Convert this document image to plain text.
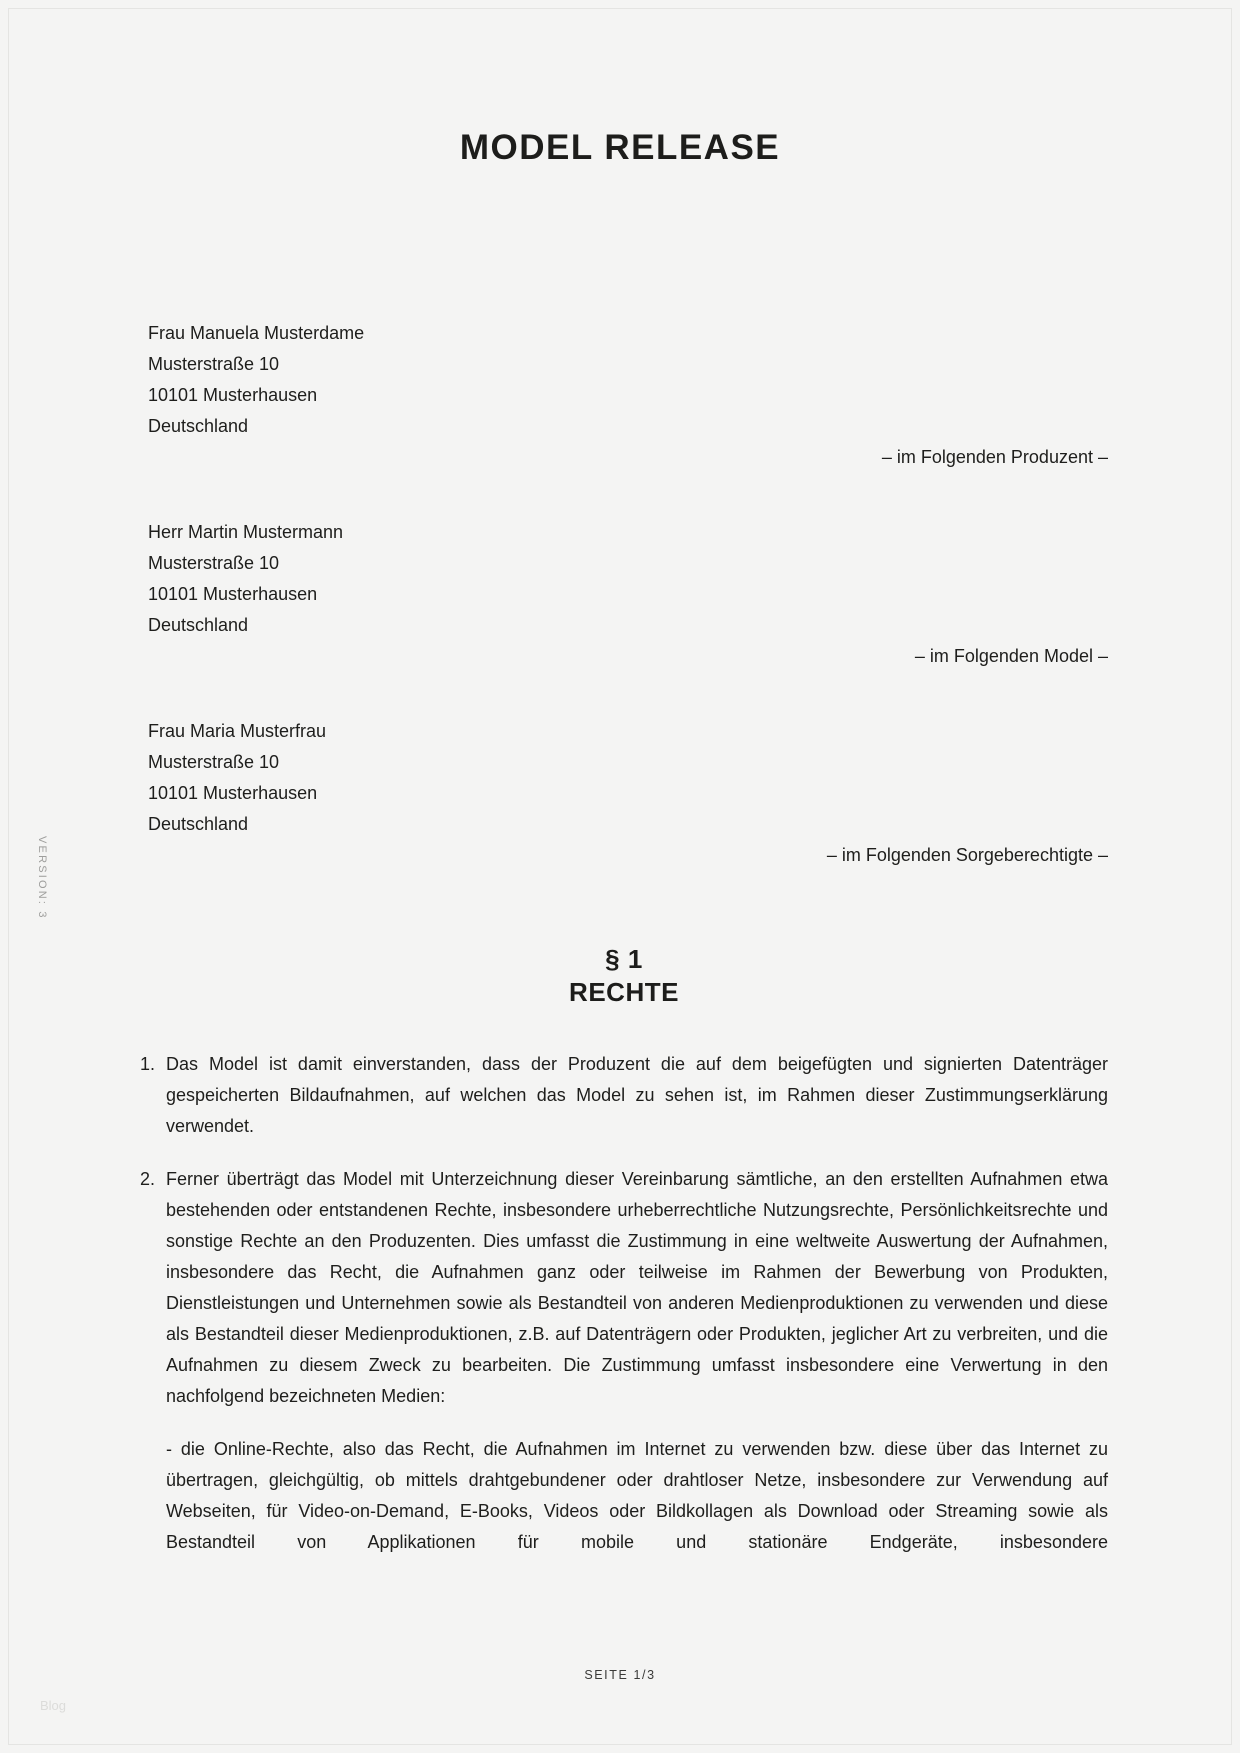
VERSION: 3
MODEL RELEASE
Frau Manuela Musterdame
Musterstraße 10
10101 Musterhausen
Deutschland
– im Folgenden Produzent –
Herr Martin Mustermann
Musterstraße 10
10101 Musterhausen
Deutschland
– im Folgenden Model –
Frau Maria Musterfrau
Musterstraße 10
10101 Musterhausen
Deutschland
– im Folgenden Sorgeberechtigte –
§ 1
RECHTE
1. Das Model ist damit einverstanden, dass der Produzent die auf dem beigefügten und signierten Datenträger gespeicherten Bildaufnahmen, auf welchen das Model zu sehen ist, im Rahmen dieser Zustimmungserklärung verwendet.
2. Ferner überträgt das Model mit Unterzeichnung dieser Vereinbarung sämtliche, an den erstellten Aufnahmen etwa bestehenden oder entstandenen Rechte, insbesondere urheberrechtliche Nutzungsrechte, Persönlichkeitsrechte und sonstige Rechte an den Produzenten. Dies umfasst die Zustimmung in eine weltweite Auswertung der Aufnahmen, insbesondere das Recht, die Aufnahmen ganz oder teilweise im Rahmen der Bewerbung von Produkten, Dienstleistungen und Unternehmen sowie als Bestandteil von anderen Medienproduktionen zu verwenden und diese als Bestandteil dieser Medienproduktionen, z.B. auf Datenträgern oder Produkten, jeglicher Art zu verbreiten, und die Aufnahmen zu diesem Zweck zu bearbeiten. Die Zustimmung umfasst insbesondere eine Verwertung in den nachfolgend bezeichneten Medien:
- die Online-Rechte, also das Recht, die Aufnahmen im Internet zu verwenden bzw. diese über das Internet zu übertragen, gleichgültig, ob mittels drahtgebundener oder drahtloser Netze, insbesondere zur Verwendung auf Webseiten, für Video-on-Demand, E-Books, Videos oder Bildkollagen als Download oder Streaming sowie als Bestandteil von Applikationen für mobile und stationäre Endgeräte, insbesondere
SEITE 1/3
Blog
